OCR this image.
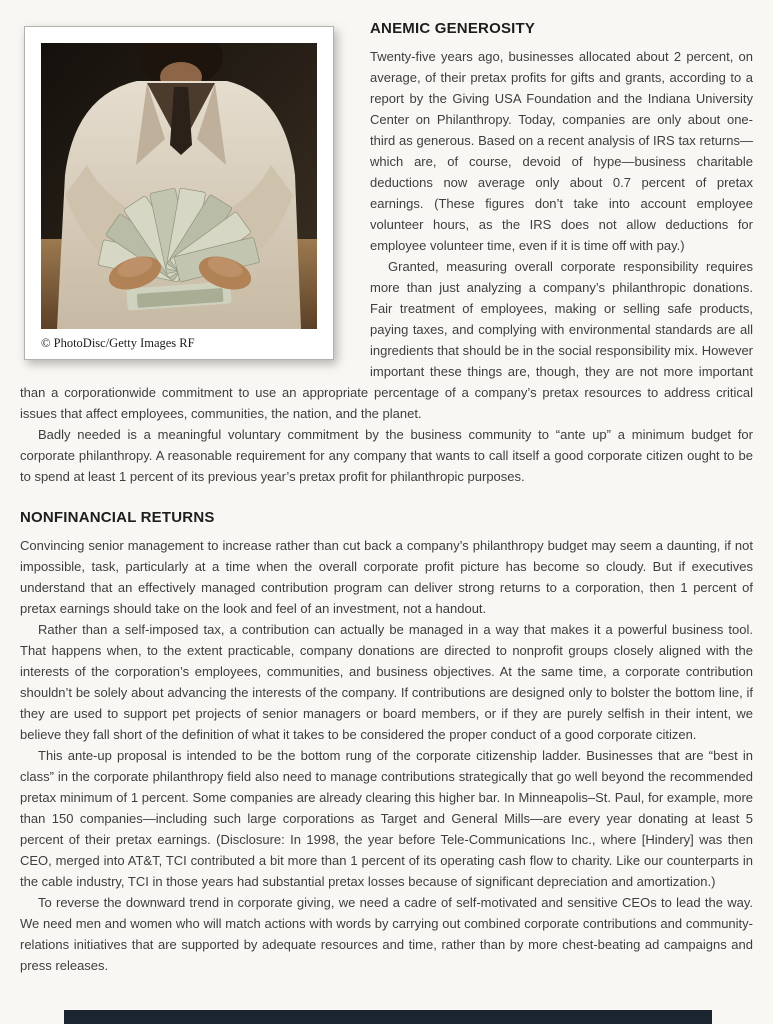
© PhotoDisc/Getty Images RF
ANEMIC GENEROSITY

Twenty-five years ago, businesses allocated about 2 percent, on average, of their pretax profits for gifts and grants, according to a report by the Giving USA Foundation and the Indiana University Center on Philanthropy. Today, companies are only about one-third as generous. Based on a recent analysis of IRS tax returns—which are, of course, devoid of hype—business charitable deductions now average only about 0.7 percent of pretax earnings. (These figures don’t take into account employee volunteer hours, as the IRS does not allow deductions for employee volunteer time, even if it is time off with pay.)

Granted, measuring overall corporate responsibility requires more than just analyzing a company’s philanthropic donations. Fair treatment of employees, making or selling safe products, paying taxes, and complying with environmental standards are all ingredients that should be in the social responsibility mix. However important these things are, though, they are not more important than a corporationwide commitment to use an appropriate percentage of a company’s pretax resources to address critical issues that affect employees, communities, the nation, and the planet.

Badly needed is a meaningful voluntary commitment by the business community to “ante up” a minimum budget for corporate philanthropy. A reasonable requirement for any company that wants to call itself a good corporate citizen ought to be to spend at least 1 percent of its previous year’s pretax profit for philanthropic purposes.

NONFINANCIAL RETURNS

Convincing senior management to increase rather than cut back a company’s philanthropy budget may seem a daunting, if not impossible, task, particularly at a time when the overall corporate profit picture has become so cloudy. But if executives understand that an effectively managed contribution program can deliver strong returns to a corporation, then 1 percent of pretax earnings should take on the look and feel of an investment, not a handout.

Rather than a self-imposed tax, a contribution can actually be managed in a way that makes it a powerful business tool. That happens when, to the extent practicable, company donations are directed to nonprofit groups closely aligned with the interests of the corporation’s employees, communities, and business objectives. At the same time, a corporate contribution shouldn’t be solely about advancing the interests of the company. If contributions are designed only to bolster the bottom line, if they are used to support pet projects of senior managers or board members, or if they are purely selfish in their intent, we believe they fall short of the definition of what it takes to be considered the proper conduct of a good corporate citizen.

This ante-up proposal is intended to be the bottom rung of the corporate citizenship ladder. Businesses that are “best in class” in the corporate philanthropy field also need to manage contributions strategically that go well beyond the recommended pretax minimum of 1 percent. Some companies are already clearing this higher bar. In Minneapolis–St. Paul, for example, more than 150 companies—including such large corporations as Target and General Mills—are every year donating at least 5 percent of their pretax earnings. (Disclosure: In 1998, the year before Tele-Communications Inc., where [Hindery] was then CEO, merged into AT&T, TCI contributed a bit more than 1 percent of its operating cash flow to charity. Like our counterparts in the cable industry, TCI in those years had substantial pretax losses because of significant depreciation and amortization.)

To reverse the downward trend in corporate giving, we need a cadre of self-motivated and sensitive CEOs to lead the way. We need men and women who will match actions with words by carrying out combined corporate contributions and community-relations initiatives that are supported by adequate resources and time, rather than by more chest-beating ad campaigns and press releases.
